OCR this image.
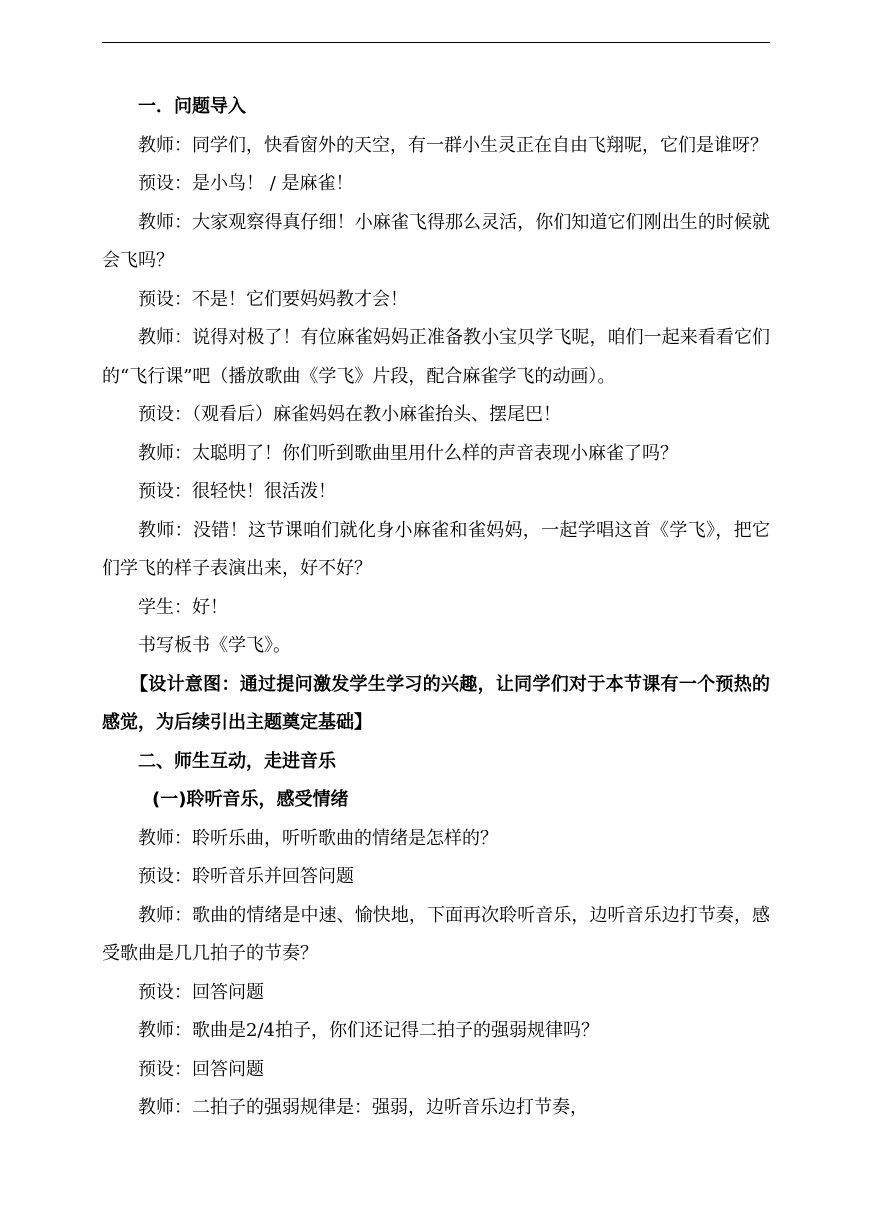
一．问题导入

教师：同学们，快看窗外的天空，有一群小生灵正在自由飞翔呢，它们是谁呀？

预设：是小鸟！ / 是麻雀！

教师：大家观察得真仔细！小麻雀飞得那么灵活，你们知道它们刚出生的时候就会飞吗？

预设：不是！它们要妈妈教才会！

教师：说得对极了！有位麻雀妈妈正准备教小宝贝学飞呢，咱们一起来看看它们的“飞行课”吧（播放歌曲《学飞》片段，配合麻雀学飞的动画）。

预设：（观看后）麻雀妈妈在教小麻雀抬头、摆尾巴！

教师：太聪明了！你们听到歌曲里用什么样的声音表现小麻雀了吗？

预设：很轻快！很活泼！

教师：没错！这节课咱们就化身小麻雀和雀妈妈，一起学唱这首《学飞》，把它们学飞的样子表演出来，好不好？

学生：好！

书写板书《学飞》。

【设计意图：通过提问激发学生学习的兴趣，让同学们对于本节课有一个预热的感觉，为后续引出主题奠定基础】

二、师生互动，走进音乐

(一)聆听音乐，感受情绪

教师：聆听乐曲，听听歌曲的情绪是怎样的？

预设：聆听音乐并回答问题

教师：歌曲的情绪是中速、愉快地，下面再次聆听音乐，边听音乐边打节奏，感受歌曲是几几拍子的节奏？

预设：回答问题

教师：歌曲是2/4拍子，你们还记得二拍子的强弱规律吗？

预设：回答问题

教师：二拍子的强弱规律是：强弱，边听音乐边打节奏，
